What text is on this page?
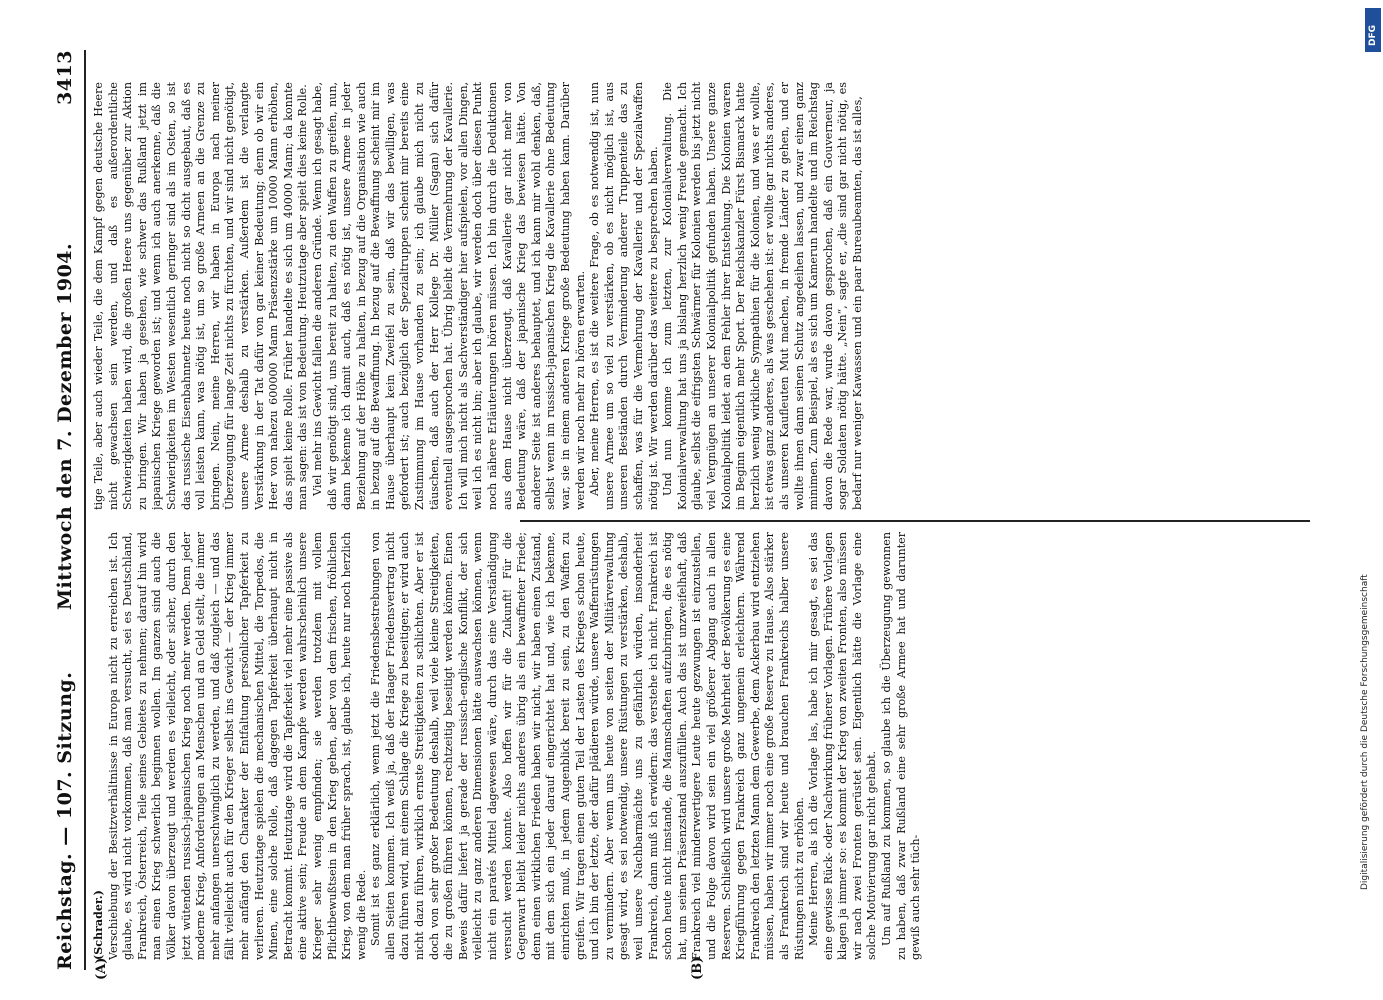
Reichstag. — 107. Sitzung.
Mittwoch den 7. Dezember 1904.
3413

(Schrader.) Verschiebung der Besitzverhältnisse in Europa nicht zu erreichen ist. Ich glaube, es wird nicht vorkommen, daß man versucht, sei es Deutschland, Frankreich, Österreich, Teile seines Gebietes zu nehmen; darauf hin wird man einen Krieg schwerlich beginnen wollen. Im ganzen sind auch die Völker davon überzeugt und werden es vielleicht, oder sicher, durch den jetzt wütenden russisch-japanischen Krieg noch mehr werden. Denn jeder moderne Krieg, Anforderungen an Menschen und an Geld stellt, die immer mehr anfangen unerschwinglich zu werden, und daß zugleich — und das fällt vielleicht auch für den Krieger selbst ins Gewicht — der Krieg immer mehr anfängt den Charakter der Entfaltung persönlicher Tapferkeit zu verlieren. Heutzutage spielen die mechanischen Mittel, die Torpedos, die Minen, eine solche Rolle, daß dagegen Tapferkeit überhaupt nicht in Betracht kommt. Heutzutage wird die Tapferkeit viel mehr eine passive als eine aktive sein; Freude an dem Kampfe werden wahrscheinlich unsere Krieger sehr wenig empfinden; sie werden trotzdem mit vollem Pflichtbewußtsein in den Krieg gehen, aber von dem frischen, fröhlichen Krieg, von dem man früher sprach, ist, glaube ich, heute nur noch herzlich wenig die Rede. Somit ist es ganz erklärlich, wenn jetzt die Friedensbestrebungen von allen Seiten kommen. Ich weiß ja, daß der Haager Friedensvertrag nicht dazu führen wird, mit einem Schlage die Kriege zu beseitigen; er wird auch nicht dazu führen, wirklich ernste Streitigkeiten zu schlichten. Aber er ist doch von sehr großer Bedeutung deshalb, weil viele kleine Streitigkeiten, die zu großen führen können, rechtzeitig beseitigt werden können. Einen Beweis dafür liefert ja gerade der russisch-englische Konflikt, der sich vielleicht zu ganz anderen Dimensionen hätte auswachsen können, wenn nicht ein paratés Mittel dagewesen wäre, durch das eine Verständigung versucht werden konnte. Also hoffen wir für die Zukunft! Für die Gegenwart bleibt leider nichts anderes übrig als ein bewaffneter Friede; denn einen wirklichen Frieden haben wir nicht, wir haben einen Zustand, mit dem sich ein jeder darauf eingerichtet hat und, wie ich bekenne, einrichten muß, in jedem Augenblick bereit zu sein, zu den Waffen zu greifen. Wir tragen einen guten Teil der Lasten des Krieges schon heute, und ich bin der letzte, der dafür plädieren würde, unsere Waffenrüstungen zu vermindern. Aber wenn uns heute von seiten der Militärverwaltung gesagt wird, es sei notwendig, unsere Rüstungen zu verstärken, deshalb, weil unsere Nachbarmächte uns zu gefährlich würden, insonderheit Frankreich, dann muß ich erwidern: das verstehe ich nicht. Frankreich ist schon heute nicht imstande, die Mannschaften aufzubringen, die es nötig hat, um seinen Präsenzstand auszufüllen. Auch das ist unzweifelhaft, daß Frankreich viel minderwertigere Leute heute gezwungen ist einzustellen, und die Folge davon wird sein ein viel größerer Abgang auch in allen Reserven. Schließlich wird unsere große Mehrheit der Bevölkerung es eine Kriegführung gegen Frankreich ganz ungemein erleichtern. Während Frankreich den letzten Mann dem Gewerbe, dem Ackerbau wird entziehen müssen, haben wir immer noch eine große Reserve zu Hause. Also stärker als Frankreich sind wir heute und brauchen Frankreichs halber unsere Rüstungen nicht zu erhöhen. Meine Herren, als ich die Vorlage las, habe ich mir gesagt, es sei das eine gewisse Rück- oder Nachwirkung früherer Vorlagen. Frühere Vorlagen klagen ja immer so: es kommt der Krieg von zweiten Fronten, also müssen wir nach zwei Fronten gerüstet sein. Eigentlich hätte die Vorlage eine solche Motivierung gar nicht gehabt. Um auf Rußland zu kommen, so glaube ich die Überzeugung gewonnen zu haben, daß zwar Rußland eine sehr große Armee hat und darunter gewiß auch sehr tüch-

tige Teile, aber auch wieder Teile, die dem Kampf gegen deutsche Heere nicht gewachsen sein werden, und daß es außerordentliche Schwierigkeiten haben wird, die großen Heere uns gegenüber zur Aktion zu bringen. Wir haben ja gesehen, wie schwer das Rußland jetzt im japanischen Kriege geworden ist; und wenn ich auch anerkenne, daß die Schwierigkeiten im Westen wesentlich geringer sind als im Osten, so ist das russische Eisenbahnnetz heute noch nicht so dicht ausgebaut, daß es voll leisten kann, was nötig ist, um so große Armeen an die Grenze zu bringen. Nein, meine Herren, wir haben in Europa nach meiner Überzeugung für lange Zeit nichts zu fürchten, und wir sind nicht genötigt, unsere Armee deshalb zu verstärken. Außerdem ist die verlangte Verstärkung in der Tat dafür von gar keiner Bedeutung; denn ob wir ein Heer von nahezu 600000 Mann Präsenzstärke um 10000 Mann erhöhen, das spielt keine Rolle. Früher handelte es sich um 40000 Mann; da konnte man sagen: das ist von Bedeutung. Heutzutage aber spielt dies keine Rolle. Viel mehr ins Gewicht fallen die anderen Gründe. Wenn ich gesagt habe, daß wir genötigt sind, uns bereit zu halten, zu den Waffen zu greifen, nun, dann bekenne ich damit auch, daß es nötig ist, unsere Armee in jeder Beziehung auf der Höhe zu halten, in bezug auf die Organisation wie auch in bezug auf die Bewaffnung. In bezug auf die Bewaffnung scheint mir im Hause überhaupt kein Zweifel zu sein, daß wir das bewilligen, was gefordert ist; auch bezüglich der Spezialtruppen scheint mir bereits eine Zustimmung im Hause vorhanden zu sein; ich glaube mich nicht zu täuschen, daß auch der Herr Kollege Dr. Müller (Sagan) sich dafür eventuell ausgesprochen hat. Übrig bleibt die Vermehrung der Kavallerie. Ich will mich nicht als Sachverständiger hier aufspielen, vor allen Dingen, weil ich es nicht bin; aber ich glaube, wir werden doch über diesen Punkt noch nähere Erläuterungen hören müssen. Ich bin durch die Deduktionen aus dem Hause nicht überzeugt, daß Kavallerie gar nicht mehr von Bedeutung wäre, daß der japanische Krieg das bewiesen hätte. Von anderer Seite ist anderes behauptet, und ich kann mir wohl denken, daß, selbst wenn im russisch-japanischen Krieg die Kavallerie ohne Bedeutung war, sie in einem anderen Kriege große Bedeutung haben kann. Darüber werden wir noch mehr zu hören erwarten. Aber, meine Herren, es ist die weitere Frage, ob es notwendig ist, nun unsere Armee um so viel zu verstärken, ob es nicht möglich ist, aus unseren Beständen durch Verminderung anderer Truppenteile das zu schaffen, was für die Vermehrung der Kavallerie und der Spezialwaffen nötig ist. Wir werden darüber das weitere zu besprechen haben. Und nun komme ich zum letzten, zur Kolonialverwaltung. Die Kolonialverwaltung hat uns ja bislang herzlich wenig Freude gemacht. Ich glaube, selbst die eifrigsten Schwärmer für Kolonien werden bis jetzt nicht viel Vergnügen an unserer Kolonialpolitik gefunden haben. Unsere ganze Kolonialpolitik leidet an dem Fehler ihrer Entstehung. Die Kolonien waren im Beginn eigentlich mehr Sport. Der Reichskanzler Fürst Bismarck hatte herzlich wenig wirkliche Sympathien für die Kolonien, und was er wollte, ist etwas ganz anderes, als was geschehen ist: er wollte gar nichts anderes, als unseren Kaufleuten Mut machen, in fremde Länder zu gehen, und er wollte ihnen dann seinen Schutz angedeihen lassen, und zwar einen ganz minimen. Zum Beispiel, als es sich um Kamerun handelte und im Reichstag davon die Rede war, wurde davon gesprochen, daß ein Gouverneur, ja sogar Soldaten nötig hätte. „Nein“, sagte er, „die sind gar nicht nötig, es bedarf nur weniger Kawassen und ein paar Bureaubeamten, das ist alles,

(A)	(B)
DFG
Digitalisierung gefördert durch die Deutsche Forschungsgemeinschaft
